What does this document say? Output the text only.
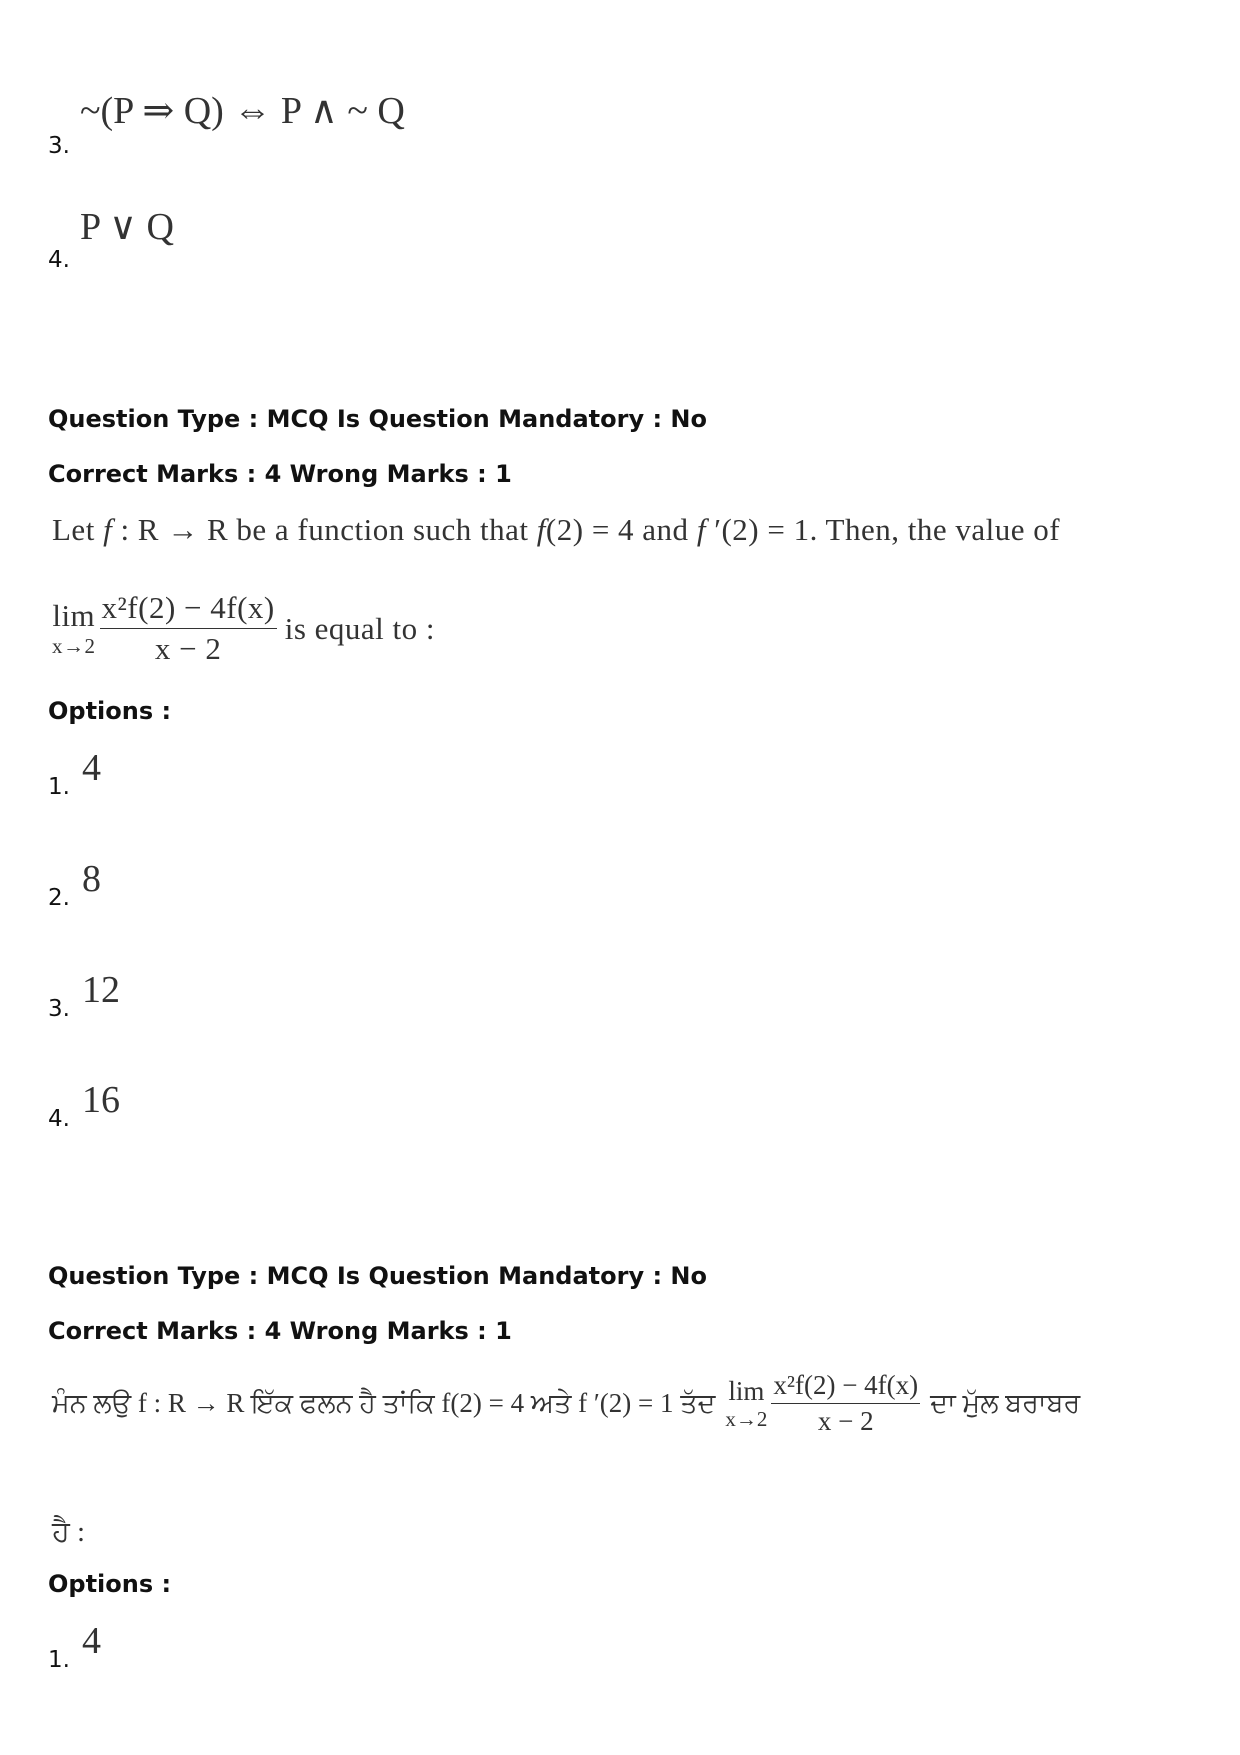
3. ~(P ⇒ Q) ⇔ P ∧ ~ Q
4. P ∨ Q
Question Type : MCQ Is Question Mandatory : No
Correct Marks : 4 Wrong Marks : 1
Let f : R → R be a function such that f(2) = 4 and f ′(2) = 1. Then, the value of
lim
$x\to 2 \frac{\text{x²f(2) − 4f(x)}}{x - 2}$ is equal to :
Options :
1. 4
2. 8
3. 12
4. 16
Question Type : MCQ Is Question Mandatory : No
Correct Marks : 4 Wrong Marks : 1
ਮੰਨ ਲਉ f : R → R ਇੱਕ ਫਲਨ ਹੈ ਤਾਂਕਿ f(2) = 4 ਅਤੇ f ′(2) = 1 ਤੱਦ lim
$x\to 2 \frac{\text{x²f(2) − 4f(x)}}{x - 2}$ ਦਾ ਮੁੱਲ ਬਰਾਬਰ
ਹੈ :
Options :
1. 4
